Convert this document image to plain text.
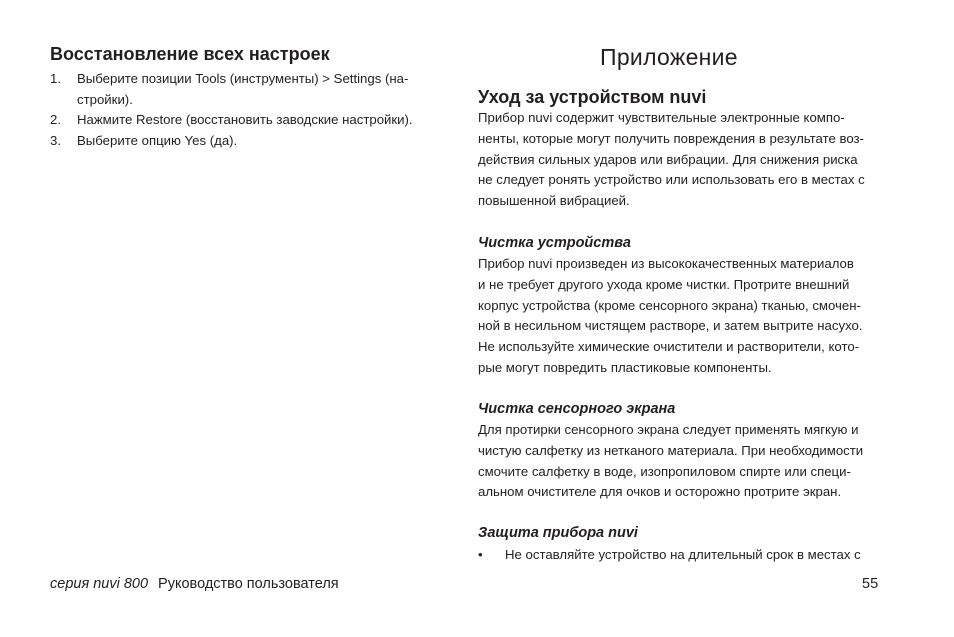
Восстановление всех настроек
1. Выберите позиции Tools (инструменты) > Settings (на-
стройки).
2. Нажмите Restore (восстановить заводские настройки).
3. Выберите опцию Yes (да).
Приложение
Уход за устройством nuvi

Прибор nuvi содержит чувствительные электронные компо-
ненты, которые могут получить повреждения в результате воз-
действия сильных ударов или вибрации. Для снижения риска
не следует ронять устройство или использовать его в местах с
повышенной вибрацией.

Чистка устройства

Прибор nuvi произведен из высококачественных материалов
и не требует другого ухода кроме чистки. Протрите внешний
корпус устройства (кроме сенсорного экрана) тканью, смочен-
ной в несильном чистящем растворе, и затем вытрите насухо.
Не используйте химические очистители и растворители, кото-
рые могут повредить пластиковые компоненты.

Чистка сенсорного экрана

Для протирки сенсорного экрана следует применять мягкую и
чистую салфетку из нетканого материала. При необходимости
смочите салфетку в воде, изопропиловом спирте или специ-
альном очистителе для очков и осторожно протрите экран.

Защита прибора nuvi
• Не оставляйте устройство на длительный срок в местах с
серия nuvi 800 Руководство пользователя	55
